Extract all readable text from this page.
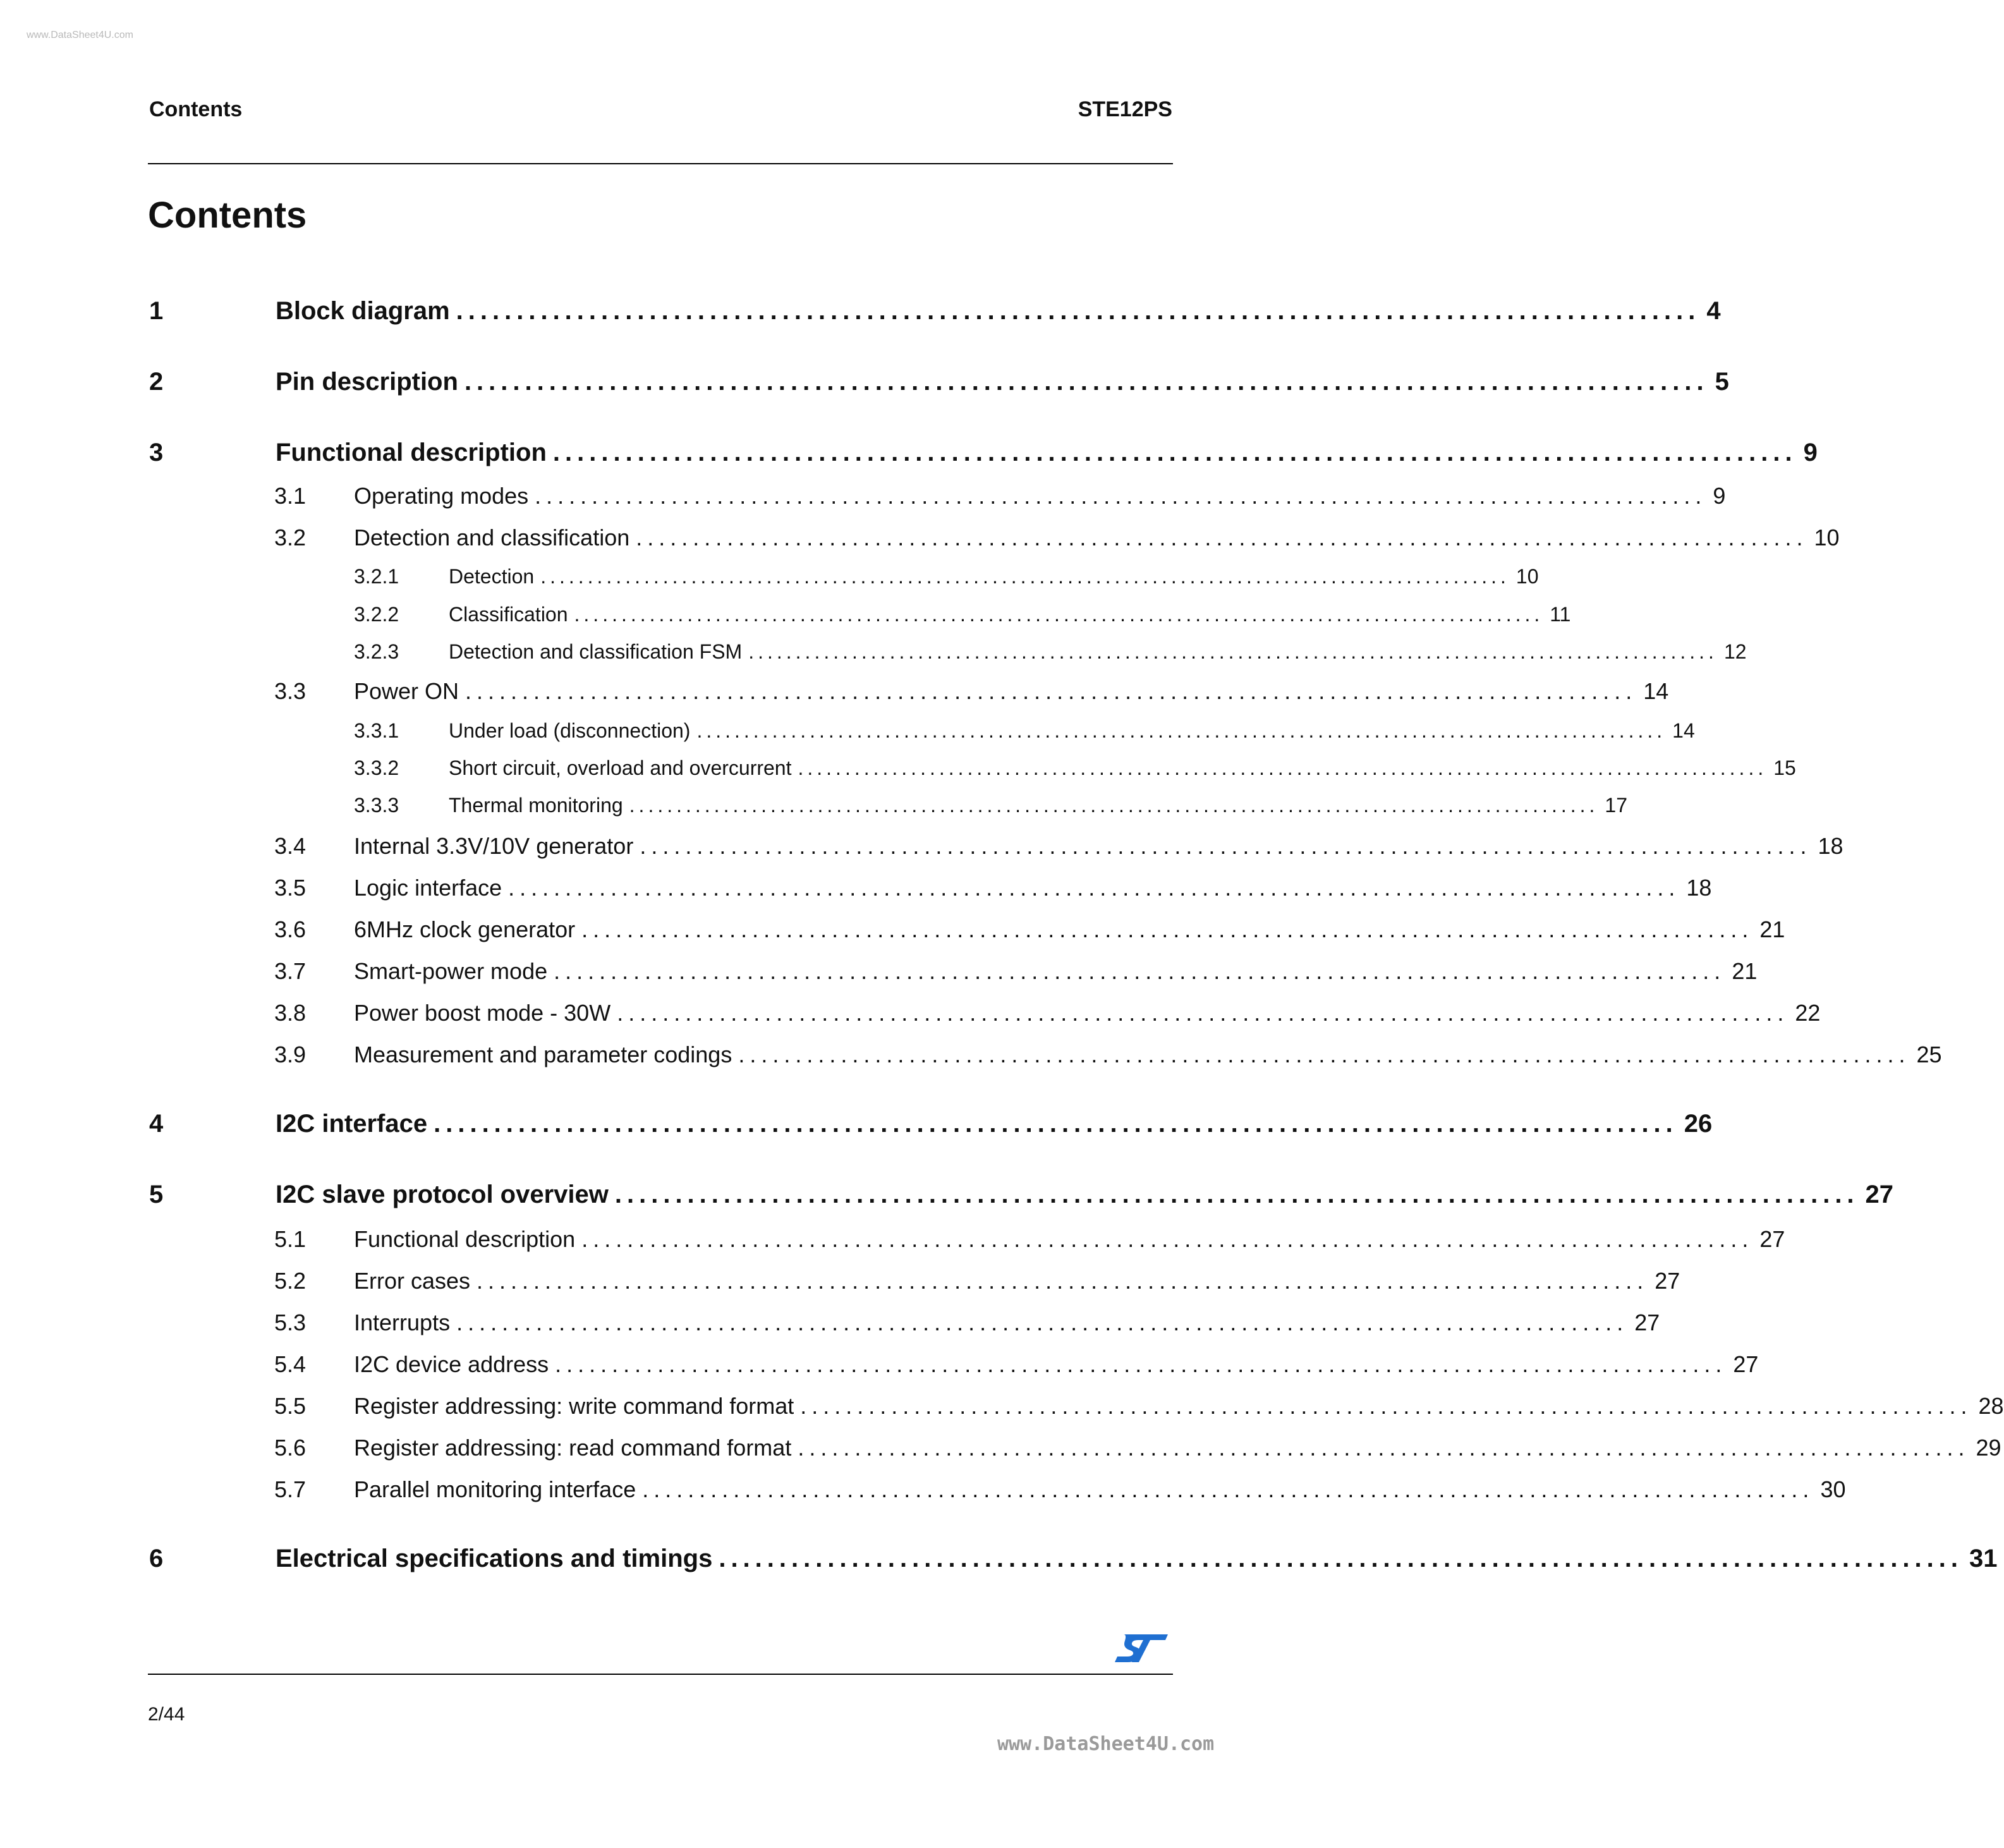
www.DataSheet4U.com
Contents	STE12PS
Contents
1	Block diagram ....................................................................................................... 4
2	Pin description ....................................................................................................... 5
3	Functional description ....................................................................................................... 9
3.1	Operating modes ....................................................................................................... 9
3.2	Detection and classification ....................................................................................................... 10
3.2.1	Detection ....................................................................................................... 10
3.2.2	Classification ....................................................................................................... 11
3.2.3	Detection and classification FSM ....................................................................................................... 12
3.3	Power ON ....................................................................................................... 14
3.3.1	Under load (disconnection) ....................................................................................................... 14
3.3.2	Short circuit, overload and overcurrent ....................................................................................................... 15
3.3.3	Thermal monitoring ....................................................................................................... 17
3.4	Internal 3.3V/10V generator ....................................................................................................... 18
3.5	Logic interface ....................................................................................................... 18
3.6	6MHz clock generator ....................................................................................................... 21
3.7	Smart-power mode ....................................................................................................... 21
3.8	Power boost mode - 30W ....................................................................................................... 22
3.9	Measurement and parameter codings ....................................................................................................... 25
4	I2C interface ....................................................................................................... 26
5	I2C slave protocol overview ....................................................................................................... 27
5.1	Functional description ....................................................................................................... 27
5.2	Error cases ....................................................................................................... 27
5.3	Interrupts ....................................................................................................... 27
5.4	I2C device address ....................................................................................................... 27
5.5	Register addressing: write command format ....................................................................................................... 28
5.6	Register addressing: read command format ....................................................................................................... 29
5.7	Parallel monitoring interface ....................................................................................................... 30
6	Electrical specifications and timings ....................................................................................................... 31
2/44
www.DataSheet4U.com
